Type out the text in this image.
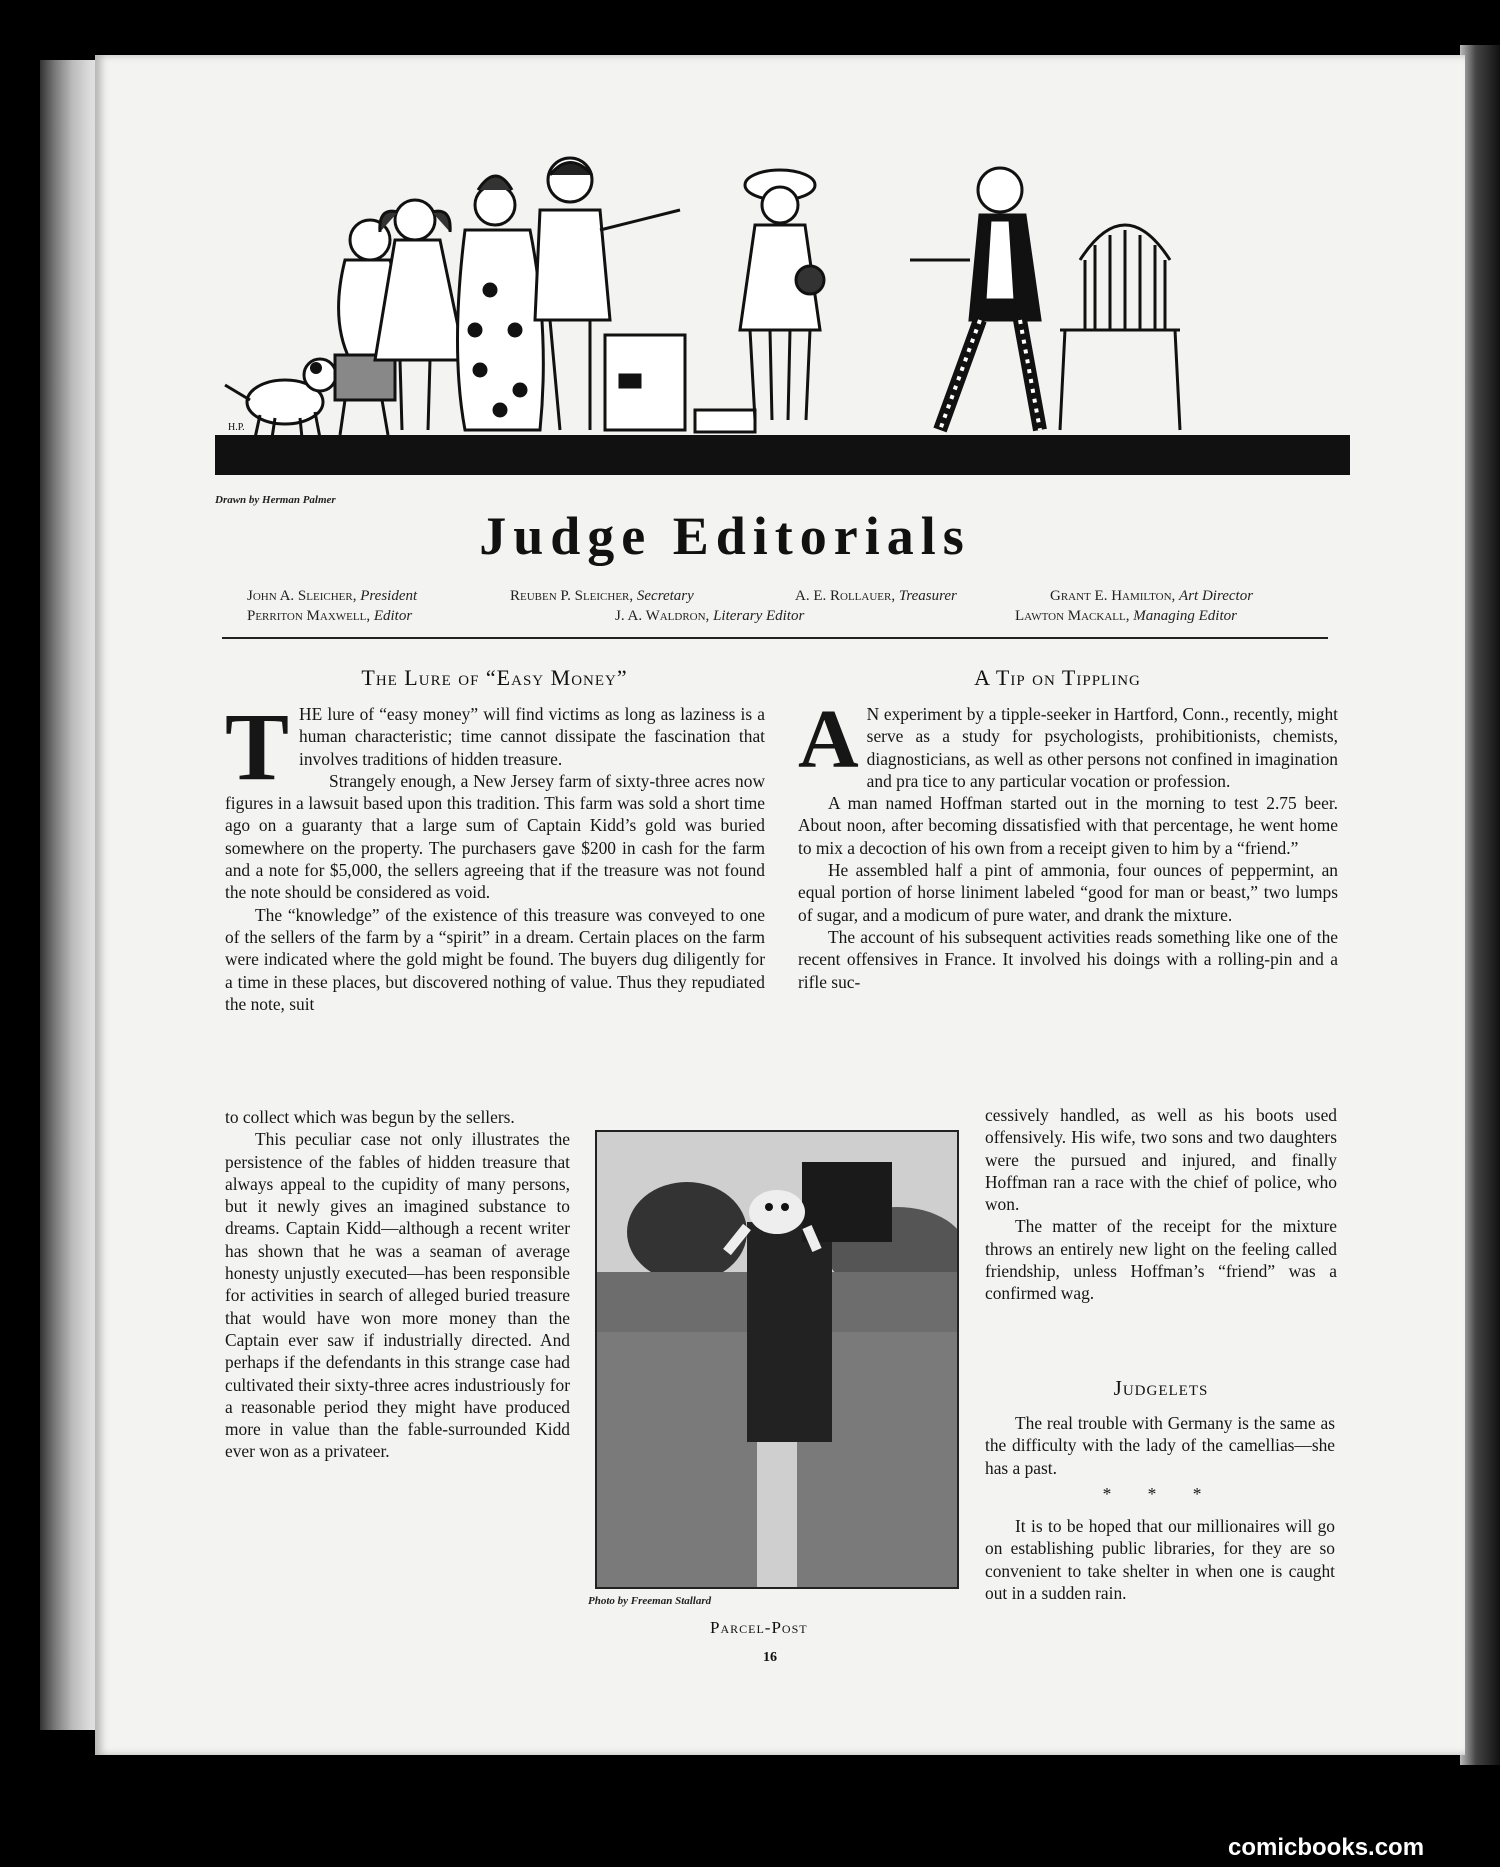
H.P.
Drawn by Herman Palmer
Judge Editorials
John A. Sleicher, President	Reuben P. Sleicher, Secretary	A. E. Rollauer, Treasurer	Grant E. Hamilton, Art Director
Perriton Maxwell, Editor	J. A. Waldron, Literary Editor	Lawton Mackall, Managing Editor
The Lure of “Easy Money”
T HE lure of “easy money” will find victims as long as laziness is a human characteristic; time cannot dissipate the fascination that involves traditions of hidden treasure.

Strangely enough, a New Jersey farm of sixty-three acres now figures in a lawsuit based upon this tradition. This farm was sold a short time ago on a guaranty that a large sum of Captain Kidd’s gold was buried somewhere on the property. The purchasers gave $200 in cash for the farm and a note for $5,000, the sellers agreeing that if the treasure was not found the note should be considered as void.

The “knowledge” of the existence of this treasure was conveyed to one of the sellers of the farm by a “spirit” in a dream. Certain places on the farm were indicated where the gold might be found. The buyers dug diligently for a time in these places, but discovered nothing of value. Thus they repudiated the note, suit

to collect which was begun by the sellers.

This peculiar case not only illustrates the persistence of the fables of hidden treasure that always appeal to the cupidity of many persons, but it newly gives an imagined substance to dreams. Captain Kidd—although a recent writer has shown that he was a seaman of average honesty unjustly executed—has been responsible for activities in search of alleged buried treasure that would have won more money than the Captain ever saw if industrially directed. And perhaps if the defendants in this strange case had cultivated their sixty-three acres industriously for a reasonable period they might have produced more in value than the fable-surrounded Kidd ever won as a privateer.

Photo by Freeman Stallard
Parcel-Post
A Tip on Tippling
A N experiment by a tipple-seeker in Hartford, Conn., recently, might serve as a study for psychologists, prohibitionists, chemists, diagnosticians, as well as other persons not confined in imagination and pra tice to any particular vocation or profession.

A man named Hoffman started out in the morning to test 2.75 beer. About noon, after becoming dissatisfied with that percentage, he went home to mix a decoction of his own from a receipt given to him by a “friend.”

He assembled half a pint of ammonia, four ounces of peppermint, an equal portion of horse liniment labeled “good for man or beast,” two lumps of sugar, and a modicum of pure water, and drank the mixture.

The account of his subsequent activities reads something like one of the recent offensives in France. It involved his doings with a rolling-pin and a rifle suc-

cessively handled, as well as his boots used offensively. His wife, two sons and two daughters were the pursued and injured, and finally Hoffman ran a race with the chief of police, who won.

The matter of the receipt for the mixture throws an entirely new light on the feeling called friendship, unless Hoffman’s “friend” was a confirmed wag.

Judgelets

The real trouble with Germany is the same as the difficulty with the lady of the camellias—she has a past.

* * *

It is to be hoped that our millionaires will go on establishing public libraries, for they are so convenient to take shelter in when one is caught out in a sudden rain.

16
comicbooks.com
